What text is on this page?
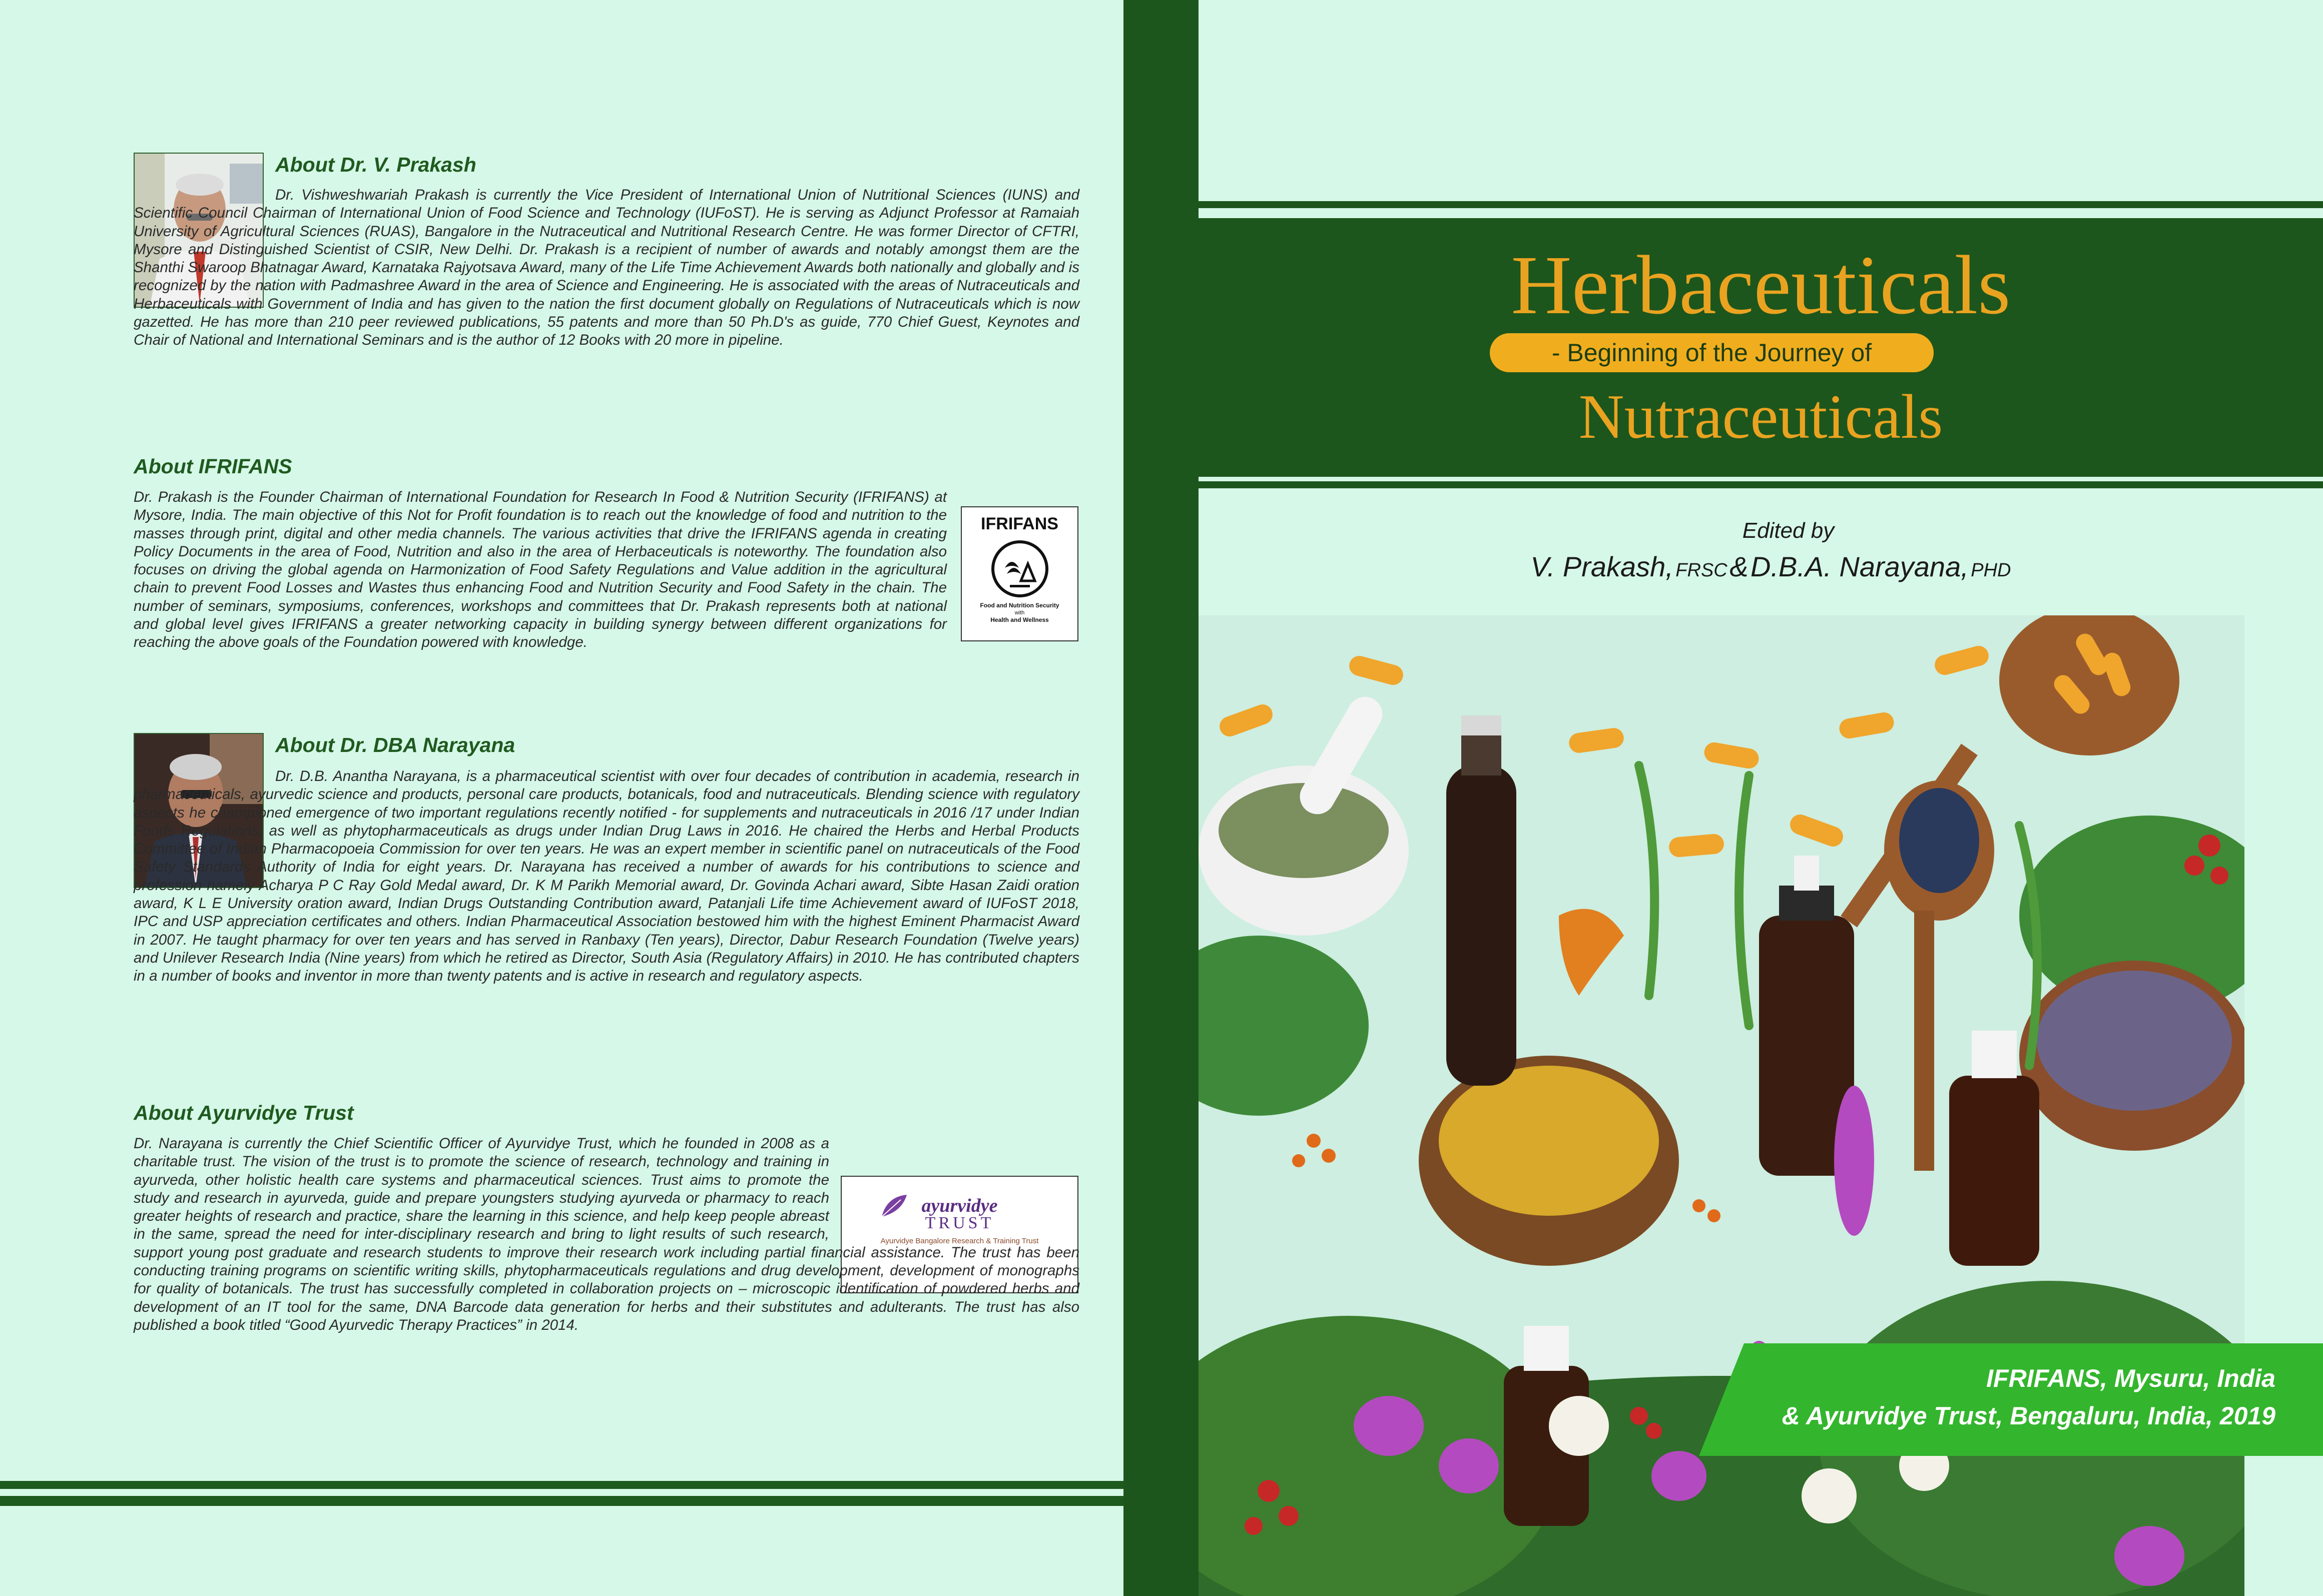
About Dr. V. Prakash

Dr. Vishweshwariah Prakash is currently the Vice President of International Union of Nutritional Sciences (IUNS) and Scientific Council Chairman of International Union of Food Science and Technology (IUFoST). He is serving as Adjunct Professor at Ramaiah University of Agricultural Sciences (RUAS), Bangalore in the Nutraceutical and Nutritional Research Centre. He was former Director of CFTRI, Mysore and Distinguished Scientist of CSIR, New Delhi. Dr. Prakash is a recipient of number of awards and notably amongst them are the Shanthi Swaroop Bhatnagar Award, Karnataka Rajyotsava Award, many of the Life Time Achievement Awards both nationally and globally and is recognized by the nation with Padmashree Award in the area of Science and Engineering. He is associated with the areas of Nutraceuticals and Herbaceuticals with Government of India and has given to the nation the first document globally on Regulations of Nutraceuticals which is now gazetted. He has more than 210 peer reviewed publications, 55 patents and more than 50 Ph.D's as guide, 770 Chief Guest, Keynotes and Chair of National and International Seminars and is the author of 12 Books with 20 more in pipeline.

About IFRIFANS
IFRIFANS
Food and Nutrition Security
with
Health and Wellness
Dr. Prakash is the Founder Chairman of International Foundation for Research In Food & Nutrition Security (IFRIFANS) at Mysore, India. The main objective of this Not for Profit foundation is to reach out the knowledge of food and nutrition to the masses through print, digital and other media channels. The various activities that drive the IFRIFANS agenda in creating Policy Documents in the area of Food, Nutrition and also in the area of Herbaceuticals is noteworthy. The foundation also focuses on driving the global agenda on Harmonization of Food Safety Regulations and Value addition in the agricultural chain to prevent Food Losses and Wastes thus enhancing Food and Nutrition Security and Food Safety in the chain. The number of seminars, symposiums, conferences, workshops and committees that Dr. Prakash represents both at national and global level gives IFRIFANS a greater networking capacity in building synergy between different organizations for reaching the above goals of the Foundation powered with knowledge.
About Dr. DBA Narayana

Dr. D.B. Anantha Narayana, is a pharmaceutical scientist with over four decades of contribution in academia, research in pharmaceuticals, ayurvedic science and products, personal care products, botanicals, food and nutraceuticals. Blending science with regulatory aspects he championed emergence of two important regulations recently notified - for supplements and nutraceuticals in 2016 /17 under Indian Foods Regulations, as well as phytopharmaceuticals as drugs under Indian Drug Laws in 2016. He chaired the Herbs and Herbal Products Committee of Indian Pharmacopoeia Commission for over ten years. He was an expert member in scientific panel on nutraceuticals of the Food Safety Standards Authority of India for eight years. Dr. Narayana has received a number of awards for his contributions to science and profession namely Acharya P C Ray Gold Medal award, Dr. K M Parikh Memorial award, Dr. Govinda Achari award, Sibte Hasan Zaidi oration award, K L E University oration award, Indian Drugs Outstanding Contribution award, Patanjali Life time Achievement award of IUFoST 2018, IPC and USP appreciation certificates and others. Indian Pharmaceutical Association bestowed him with the highest Eminent Pharmacist Award in 2007. He taught pharmacy for over ten years and has served in Ranbaxy (Ten years), Director, Dabur Research Foundation (Twelve years) and Unilever Research India (Nine years) from which he retired as Director, South Asia (Regulatory Affairs) in 2010. He has contributed chapters in a number of books and inventor in more than twenty patents and is active in research and regulatory aspects.

About Ayurvidye Trust
ayurvidye
TRUST
Ayurvidye Bangalore Research & Training Trust
Dr. Narayana is currently the Chief Scientific Officer of Ayurvidye Trust, which he founded in 2008 as a charitable trust. The vision of the trust is to promote the science of research, technology and training in ayurveda, other holistic health care systems and pharmaceutical sciences. Trust aims to promote the study and research in ayurveda, guide and prepare youngsters studying ayurveda or pharmacy to reach greater heights of research and practice, share the learning in this science, and help keep people abreast in the same, spread the need for inter-disciplinary research and bring to light results of such research, support young post graduate and research students to improve their research work including partial financial assistance. The trust has been conducting training programs on scientific writing skills, phytopharmaceuticals regulations and drug development, development of monographs for quality of botanicals. The trust has successfully completed in collaboration projects on – microscopic identification of powdered herbs and development of an IT tool for the same, DNA Barcode data generation for herbs and their substitutes and adulterants. The trust has also published a book titled “Good Ayurvedic Therapy Practices” in 2014.
Herbaceuticals
- Beginning of the Journey of
Nutraceuticals
Edited by
V. Prakash, FRSC & D.B.A. Narayana, PHD
IFRIFANS, Mysuru, India
& Ayurvidye Trust, Bengaluru, India, 2019
